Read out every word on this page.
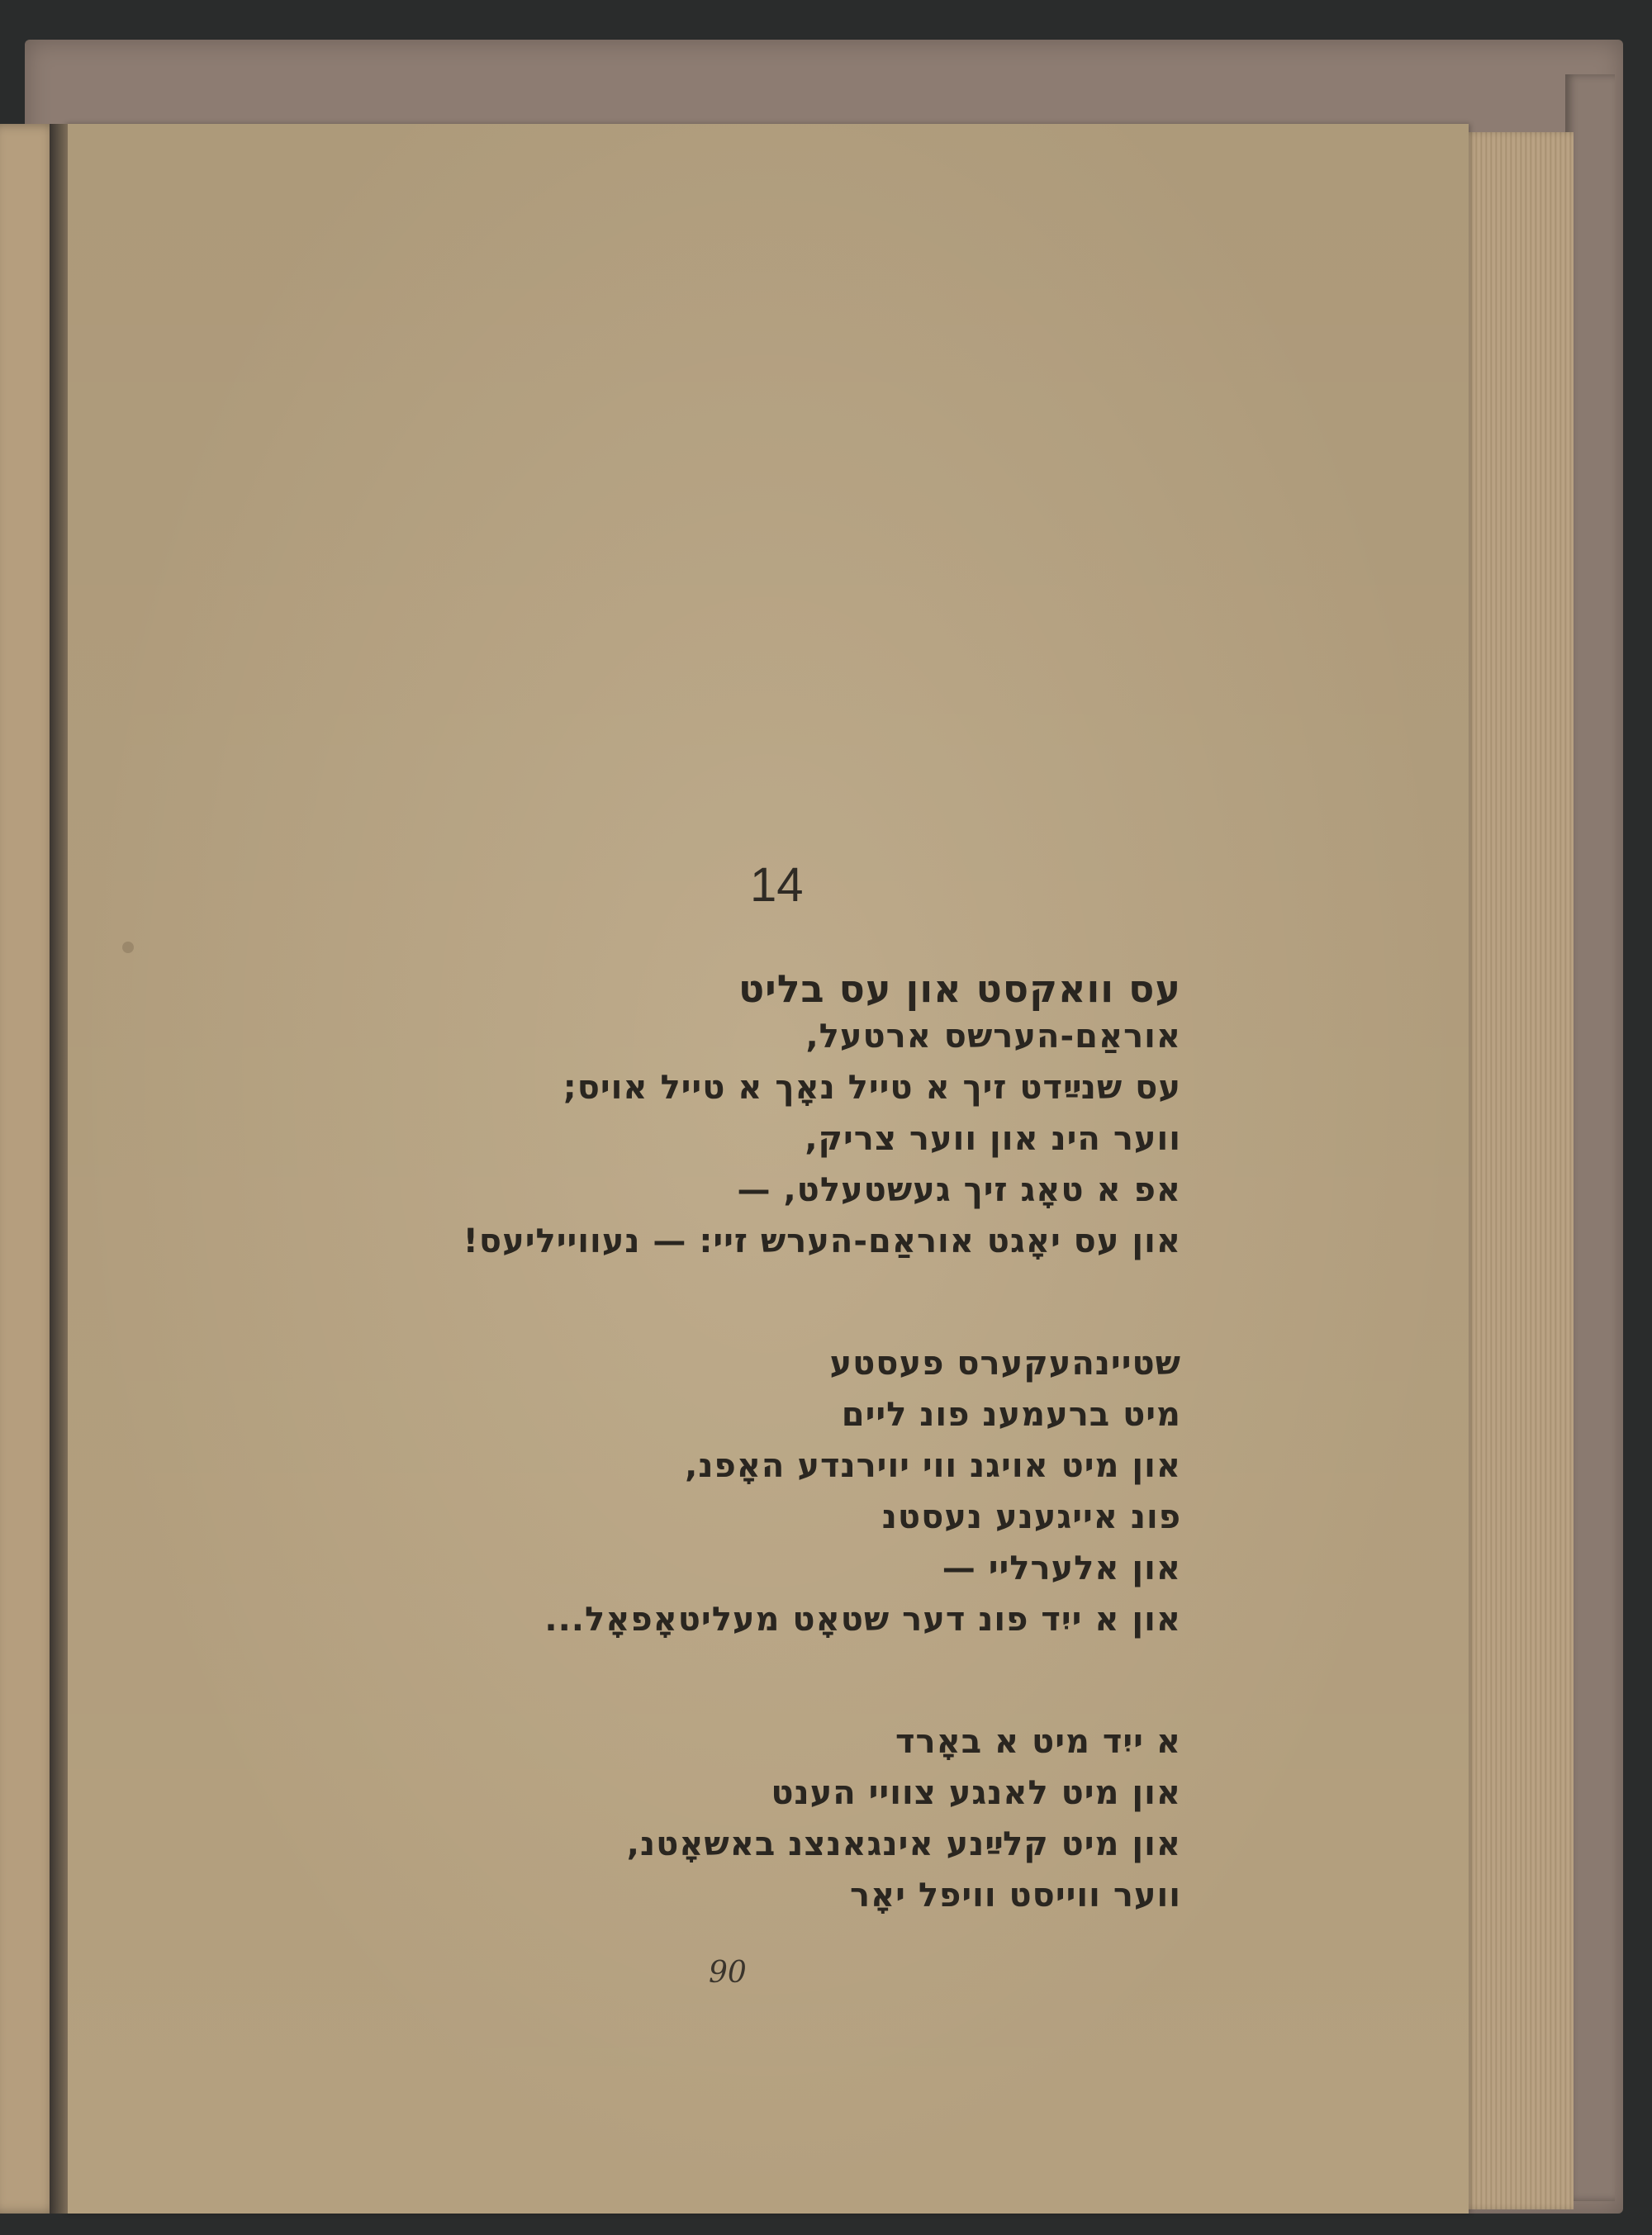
14
עס וואקסט און עס בליט
אוראַם-הערשס ארטעל,
עס שנײַדט זיך א טייל נאָך א טייל אויס;
ווער הינ און ווער צריק,
אפ א טאָג זיך געשטעלט, —
און עס יאָגט אוראַם-הערש זיי: — נעווייליעס!
שטיינהעקערס פעסטע
מיט ברעמענ פונ ליים
און מיט אויגנ ווי יוירנדע האָפנ,
פונ אייגענע נעסטנ
און אלערליי —
און א ייִד פונ דער שטאָט מעליטאָפאָל...
א ייִד מיט א באָרד
און מיט לאנגע צוויי הענט
און מיט קלײַנע אינגאנצנ באשאָטנ,
ווער ווייסט וויפל יאָר
90
